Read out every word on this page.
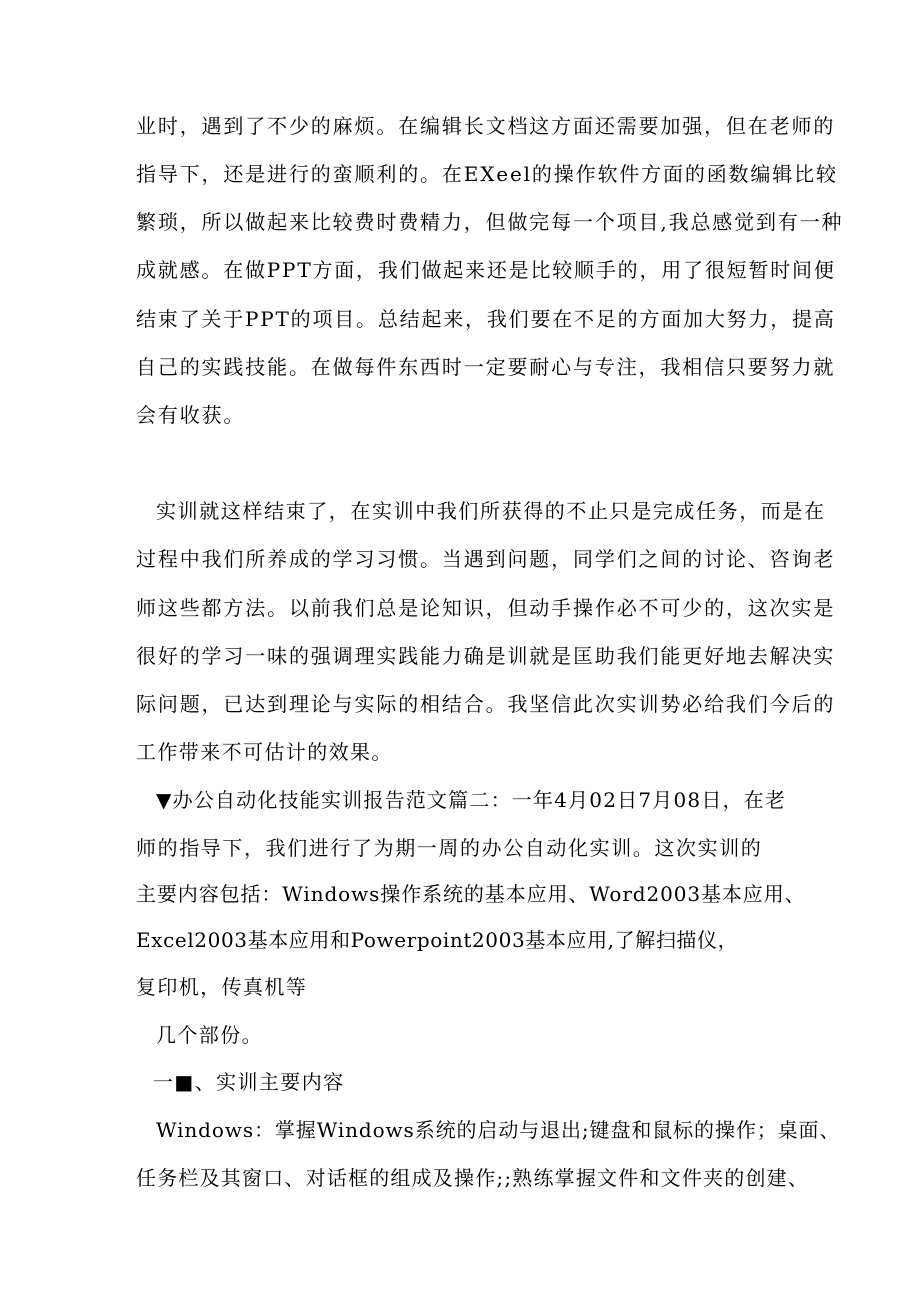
业时，遇到了不少的麻烦。在编辑长文档这方面还需要加强，但在老师的
指导下，还是进行的蛮顺利的。在EXeel的操作软件方面的函数编辑比较
繁琐，所以做起来比较费时费精力，但做完每一个项目,我总感觉到有一种
成就感。在做PPT方面，我们做起来还是比较顺手的，用了很短暂时间便
结束了关于PPT的项目。总结起来，我们要在不足的方面加大努力，提高
自己的实践技能。在做每件东西时一定要耐心与专注，我相信只要努力就
会有收获。
实训就这样结束了，在实训中我们所获得的不止只是完成任务，而是在
过程中我们所养成的学习习惯。当遇到问题，同学们之间的讨论、咨询老
师这些都方法。以前我们总是论知识，但动手操作必不可少的，这次实是
很好的学习一味的强调理实践能力确是训就是匡助我们能更好地去解决实
际问题，已达到理论与实际的相结合。我坚信此次实训势必给我们今后的
工作带来不可估计的效果。
▼办公自动化技能实训报告范文篇二：一年4月02日7月08日，在老
师的指导下，我们进行了为期一周的办公自动化实训。这次实训的
主要内容包括：Windows操作系统的基本应用、Word2003基本应用、
Excel2003基本应用和Powerpoint2003基本应用,了解扫描仪，
复印机，传真机等
几个部份。
一■、实训主要内容
Windows：掌握Windows系统的启动与退出;键盘和鼠标的操作；桌面、
任务栏及其窗口、对话框的组成及操作;;熟练掌握文件和文件夹的创建、
